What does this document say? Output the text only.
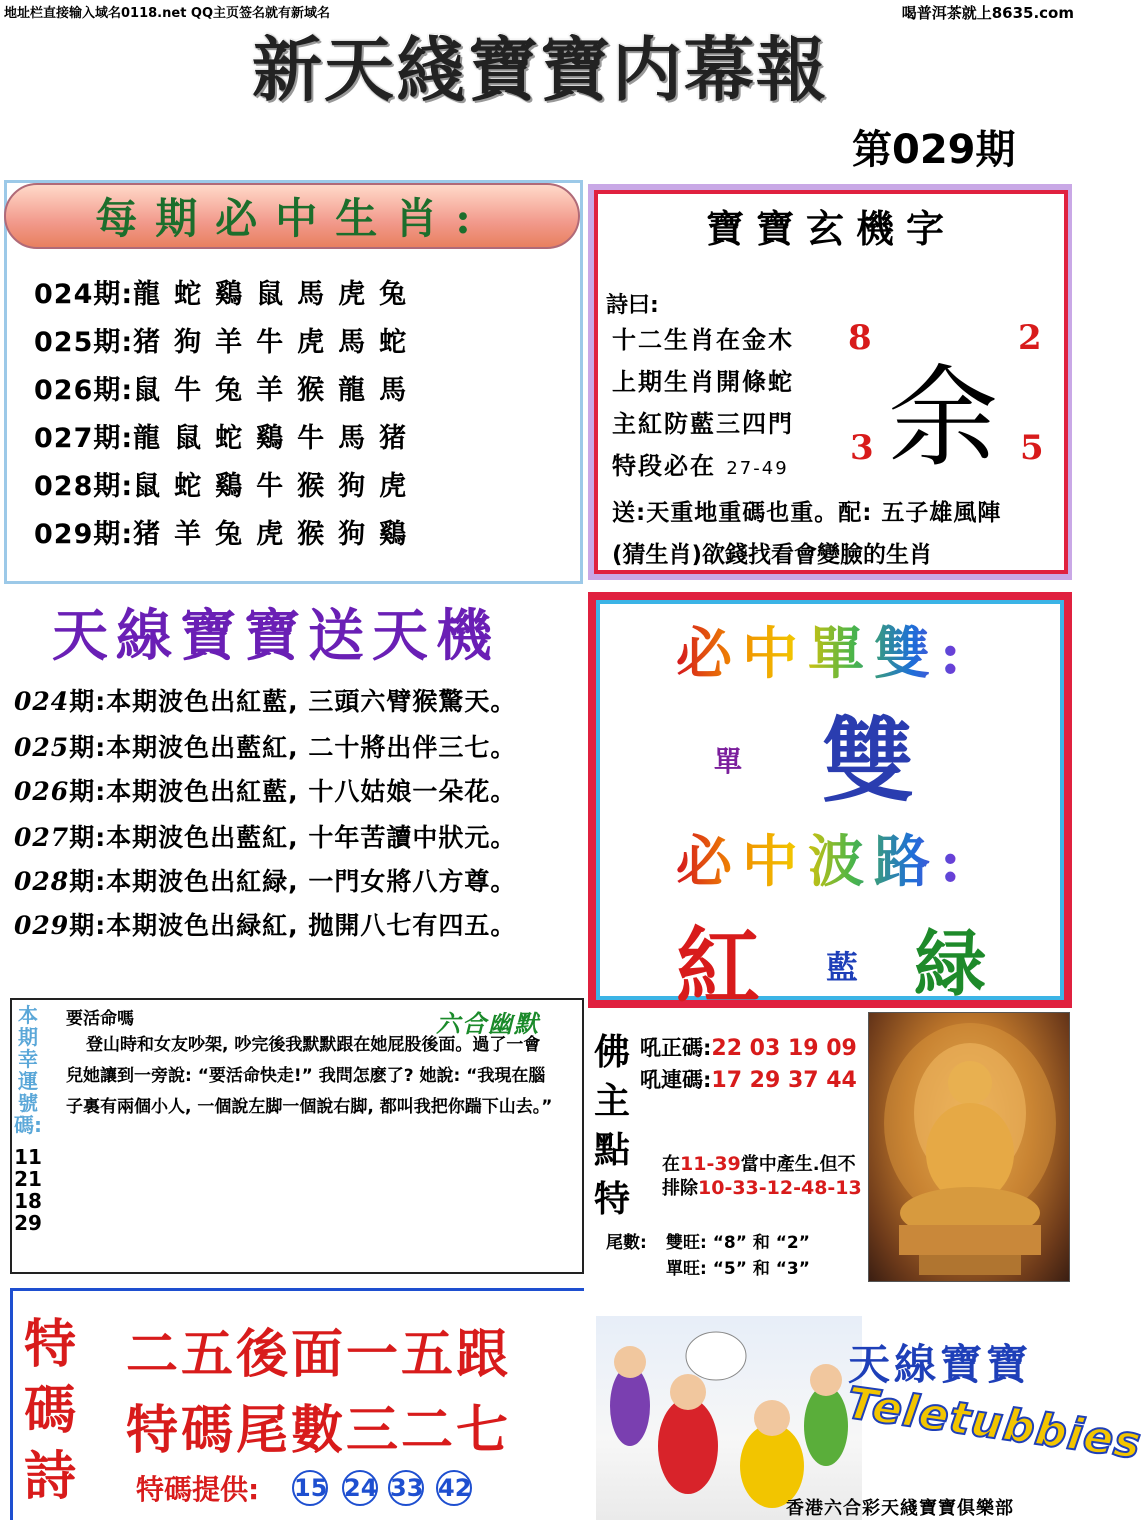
地址栏直接输入域名0118.net QQ主页签名就有新域名	喝普洱茶就上8635.com
新天綫寶寶内幕報
第029期
每期必中生肖:
024期:龍蛇鷄鼠馬虎兔
025期:猪狗羊牛虎馬蛇
026期:鼠牛兔羊猴龍馬
027期:龍鼠蛇鷄牛馬猪
028期:鼠蛇鷄牛猴狗虎
029期:猪羊兔虎猴狗鷄
寶寶玄機字
詩曰:
十二生肖在金木
上期生肖開條蛇
主紅防藍三四門
特段必在 27-49
8	2
3	5
余
送:天重地重碼也重。配: 五子雄風陣
(猜生肖)欲錢找看會變臉的生肖
天線寶寶送天機
024期:本期波色出紅藍, 三頭六臂猴驚天。
025期:本期波色出藍紅, 二十將出伴三七。
026期:本期波色出紅藍, 十八姑娘一朵花。
027期:本期波色出藍紅, 十年苦讀中狀元。
028期:本期波色出紅緑, 一門女將八方尊。
029期:本期波色出緑紅, 抛開八七有四五。
必中單雙:
單 雙
必中波路:
紅 藍 緑
本期幸運號碼:
11 21 18 29
要活命嗎	六合幽默
登山時和女友吵架, 吵完後我默默跟在她屁股後面。過了一會兒她讓到一旁說: “要活命快走!” 我問怎麽了? 她說: “我現在腦子裏有兩個小人, 一個說左脚一個說右脚, 都叫我把你踹下山去。”
佛主點特
吼正碼:22 03 19 09
吼連碼:17 29 37 44
在11-39當中產生.但不
排除10-33-12-48-13
尾數: 雙旺: “8” 和 “2”
單旺: “5” 和 “3”
特碼詩
二五後面一五跟
特碼尾數三二七
特碼提供: 15 24 33 42
天線寶寶
Teletubbies
香港六合彩天綫寶寶俱樂部
